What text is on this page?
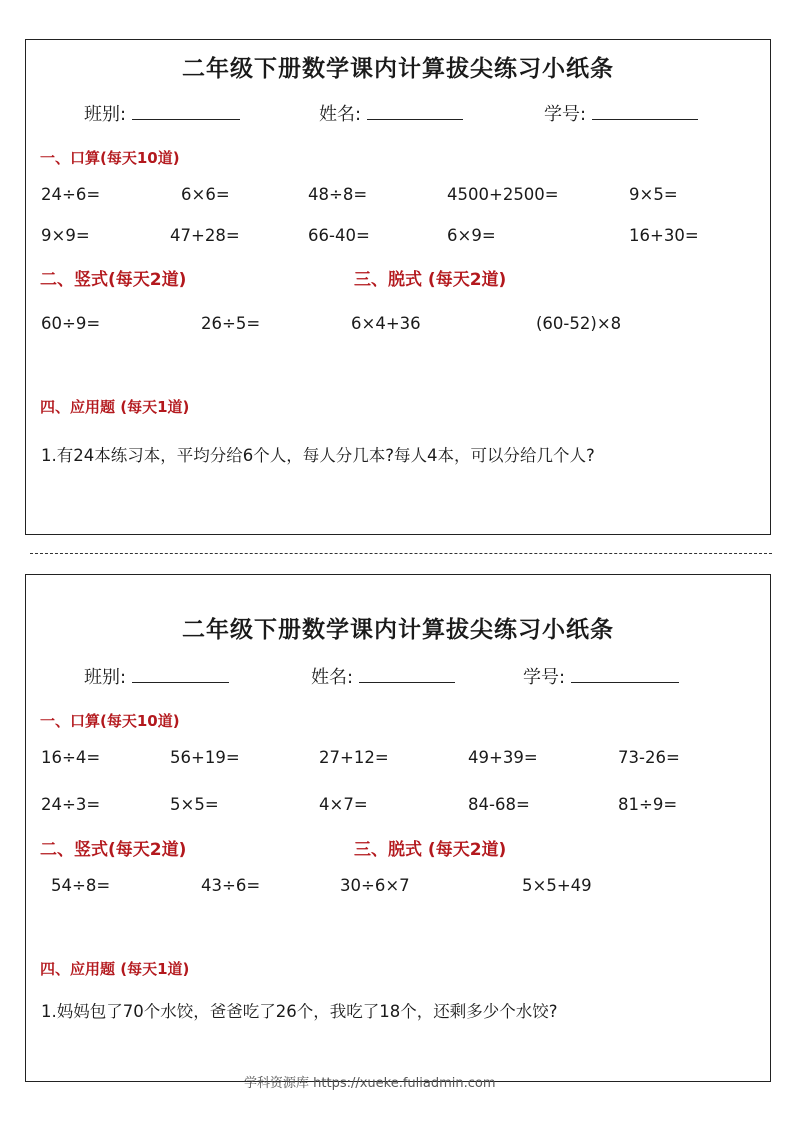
二年级下册数学课内计算拔尖练习小纸条
班别:	姓名:	学号:
一、口算(每天10道)
24÷6=	6×6=	48÷8=	4500+2500=	9×5=
9×9=	47+28=	66-40=	6×9=	16+30=
二、竖式(每天2道)	三、脱式 (每天2道)
60÷9=	26÷5=	6×4+36	(60-52)×8
四、应用题 (每天1道)
1.有24本练习本，平均分给6个人，每人分几本?每人4本，可以分给几个人?
二年级下册数学课内计算拔尖练习小纸条
班别:	姓名:	学号:
一、口算(每天10道)
16÷4=	56+19=	27+12=	49+39=	73-26=
24÷3=	5×5=	4×7=	84-68=	81÷9=
二、竖式(每天2道)	三、脱式 (每天2道)
54÷8=	43÷6=	30÷6×7	5×5+49
四、应用题 (每天1道)
1.妈妈包了70个水饺，爸爸吃了26个，我吃了18个，还剩多少个水饺?
学科资源库 https://xueke.fuliadmin.com
